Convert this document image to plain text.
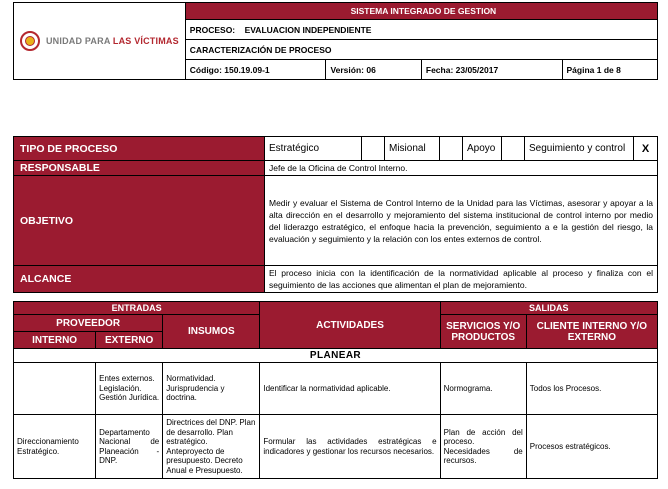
UNIDAD PARA LAS VÍCTIMAS	SISTEMA INTEGRADO DE GESTION			
	PROCESO: EVALUACION INDEPENDIENTE			
	CARACTERIZACIÓN DE PROCESO			
	Código: 150.19.09-1	Versión: 06	Fecha: 23/05/2017	Página 1 de 8
TIPO DE PROCESO	Estratégico		Misional		Apoyo		Seguimiento y control	X
RESPONSABLE	Jefe de la Oficina de Control Interno.							
OBJETIVO	Medir y evaluar el Sistema de Control Interno de la Unidad para las Víctimas, asesorar y apoyar a la alta dirección en el desarrollo y mejoramiento del sistema institucional de control interno por medio del liderazgo estratégico, el enfoque hacia la prevención, seguimiento a e la gestión del riesgo, la evaluación y seguimiento y la relación con los entes externos de control.							
ALCANCE	El proceso inicia con la identificación de la normatividad aplicable al proceso y finaliza con el seguimiento de las acciones que alimentan el plan de mejoramiento.							
ENTRADAS			ACTIVIDADES	SALIDAS	
PROVEEDOR		INSUMOS		SERVICIOS Y/O PRODUCTOS	CLIENTE INTERNO Y/O EXTERNO
INTERNO	EXTERNO				
PLANEAR					
	Entes externos. Legislación. Gestión Jurídica.	Normatividad. Jurisprudencia y doctrina.	Identificar la normatividad aplicable.	Normograma.	Todos los Procesos.
Direccionamiento Estratégico.	Departamento Nacional de Planeación - DNP.	Directrices del DNP. Plan de desarrollo. Plan estratégico. Anteproyecto de presupuesto. Decreto Anual e Presupuesto.	Formular las actividades estratégicas e indicadores y gestionar los recursos necesarios.	Plan de acción del proceso. Necesidades de recursos.	Procesos estratégicos.
